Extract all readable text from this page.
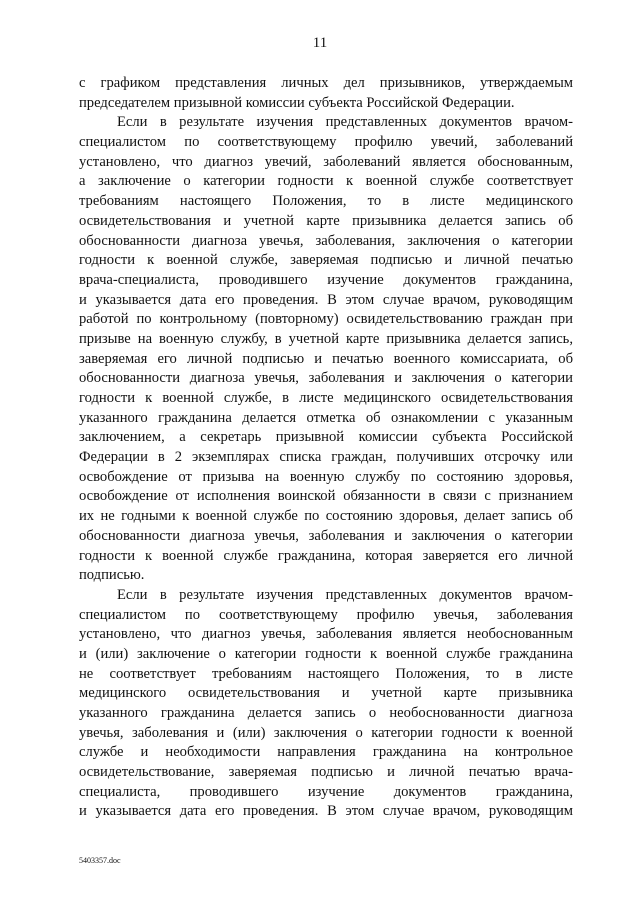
11
с графиком представления личных дел призывников, утверждаемым
председателем призывной комиссии субъекта Российской Федерации.
Если в результате изучения представленных документов врачом-
специалистом по соответствующему профилю увечий, заболеваний
установлено, что диагноз увечий, заболеваний является обоснованным,
а заключение о категории годности к военной службе соответствует
требованиям настоящего Положения, то в листе медицинского
освидетельствования и учетной карте призывника делается запись об
обоснованности диагноза увечья, заболевания, заключения о категории
годности к военной службе, заверяемая подписью и личной печатью
врача-специалиста, проводившего изучение документов гражданина,
и указывается дата его проведения. В этом случае врачом, руководящим
работой по контрольному (повторному) освидетельствованию граждан при
призыве на военную службу, в учетной карте призывника делается запись,
заверяемая его личной подписью и печатью военного комиссариата, об
обоснованности диагноза увечья, заболевания и заключения о категории
годности к военной службе, в листе медицинского освидетельствования
указанного гражданина делается отметка об ознакомлении с указанным
заключением, а секретарь призывной комиссии субъекта Российской
Федерации в 2 экземплярах списка граждан, получивших отсрочку или
освобождение от призыва на военную службу по состоянию здоровья,
освобождение от исполнения воинской обязанности в связи с признанием
их не годными к военной службе по состоянию здоровья, делает запись об
обоснованности диагноза увечья, заболевания и заключения о категории
годности к военной службе гражданина, которая заверяется его личной
подписью.
Если в результате изучения представленных документов врачом-
специалистом по соответствующему профилю увечья, заболевания
установлено, что диагноз увечья, заболевания является необоснованным
и (или) заключение о категории годности к военной службе гражданина
не соответствует требованиям настоящего Положения, то в листе
медицинского освидетельствования и учетной карте призывника
указанного гражданина делается запись о необоснованности диагноза
увечья, заболевания и (или) заключения о категории годности к военной
службе и необходимости направления гражданина на контрольное
освидетельствование, заверяемая подписью и личной печатью врача-
специалиста, проводившего изучение документов гражданина,
и указывается дата его проведения. В этом случае врачом, руководящим
5403357.doc
